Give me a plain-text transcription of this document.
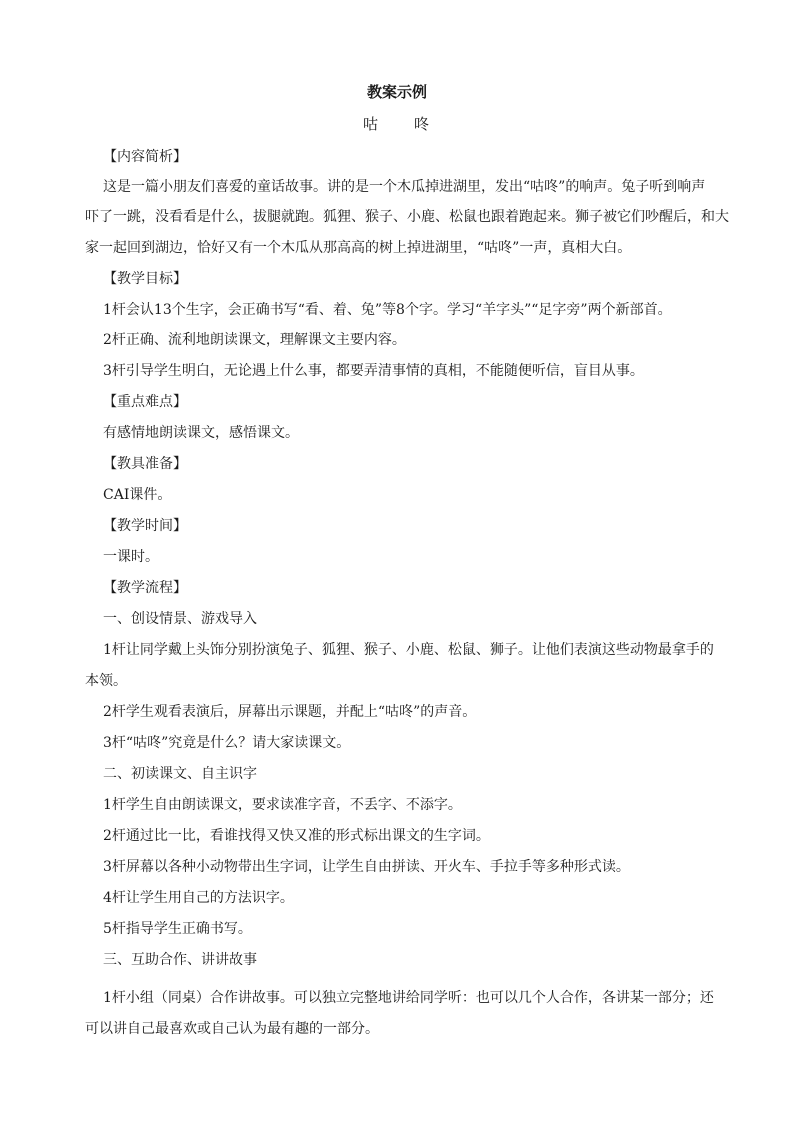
教案示例
咕　　咚
【内容简析】
这是一篇小朋友们喜爱的童话故事。讲的是一个木瓜掉进湖里，发出“咕咚”的响声。兔子听到响声
吓了一跳，没看看是什么，拔腿就跑。狐狸、猴子、小鹿、松鼠也跟着跑起来。狮子被它们吵醒后，和大
家一起回到湖边，恰好又有一个木瓜从那高高的树上掉进湖里，“咕咚”一声，真相大白。
【教学目标】
1杆会认13个生字，会正确书写“看、着、兔”等8个字。学习“羊字头”“足字旁”两个新部首。
2杆正确、流利地朗读课文，理解课文主要内容。
3杆引导学生明白，无论遇上什么事，都要弄清事情的真相，不能随便听信，盲目从事。
【重点难点】
有感情地朗读课文，感悟课文。
【教具准备】
CAI课件。
【教学时间】
一课时。
【教学流程】
一、创设情景、游戏导入
1杆让同学戴上头饰分别扮演兔子、狐狸、猴子、小鹿、松鼠、狮子。让他们表演这些动物最拿手的
本领。
2杆学生观看表演后，屏幕出示课题，并配上“咕咚”的声音。
3杆“咕咚”究竟是什么？请大家读课文。
二、初读课文、自主识字
1杆学生自由朗读课文，要求读准字音，不丢字、不添字。
2杆通过比一比，看谁找得又快又准的形式标出课文的生字词。
3杆屏幕以各种小动物带出生字词，让学生自由拼读、开火车、手拉手等多种形式读。
4杆让学生用自己的方法识字。
5杆指导学生正确书写。
三、互助合作、讲讲故事
1杆小组（同桌）合作讲故事。可以独立完整地讲给同学听：也可以几个人合作，各讲某一部分；还
可以讲自己最喜欢或自己认为最有趣的一部分。
